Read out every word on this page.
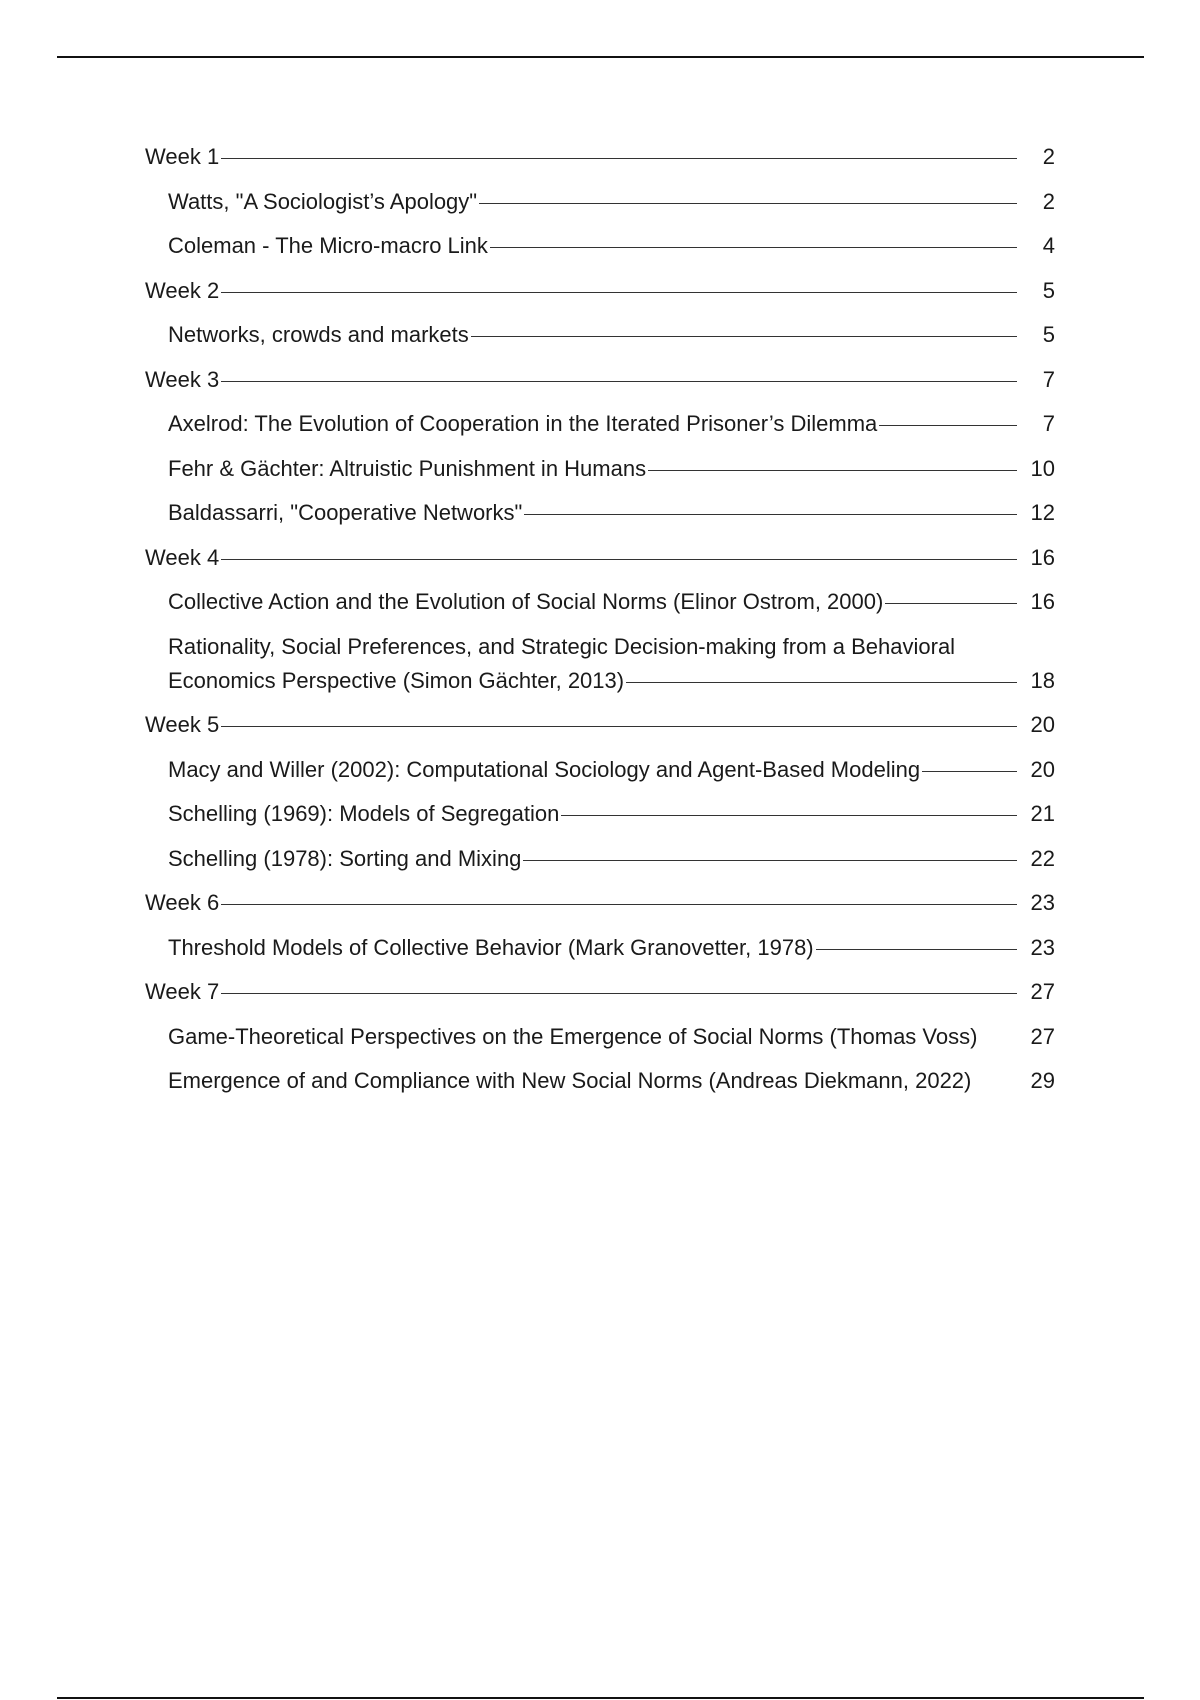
Week 1	2
Watts, "A Sociologist’s Apology"	2
Coleman - The Micro-macro Link	4
Week 2	5
Networks, crowds and markets	5
Week 3	7
Axelrod: The Evolution of Cooperation in the Iterated Prisoner’s Dilemma	7
Fehr & Gächter: Altruistic Punishment in Humans	10
Baldassarri, "Cooperative Networks"	12
Week 4	16
Collective Action and the Evolution of Social Norms (Elinor Ostrom, 2000)	16
Rationality, Social Preferences, and Strategic Decision-making from a Behavioral
Economics Perspective (Simon Gächter, 2013)	18
Week 5	20
Macy and Willer (2002): Computational Sociology and Agent-Based Modeling	20
Schelling (1969): Models of Segregation	21
Schelling (1978): Sorting and Mixing	22
Week 6	23
Threshold Models of Collective Behavior (Mark Granovetter, 1978)	23
Week 7	27
Game-Theoretical Perspectives on the Emergence of Social Norms (Thomas Voss) 27
Emergence of and Compliance with New Social Norms (Andreas Diekmann, 2022)	29
